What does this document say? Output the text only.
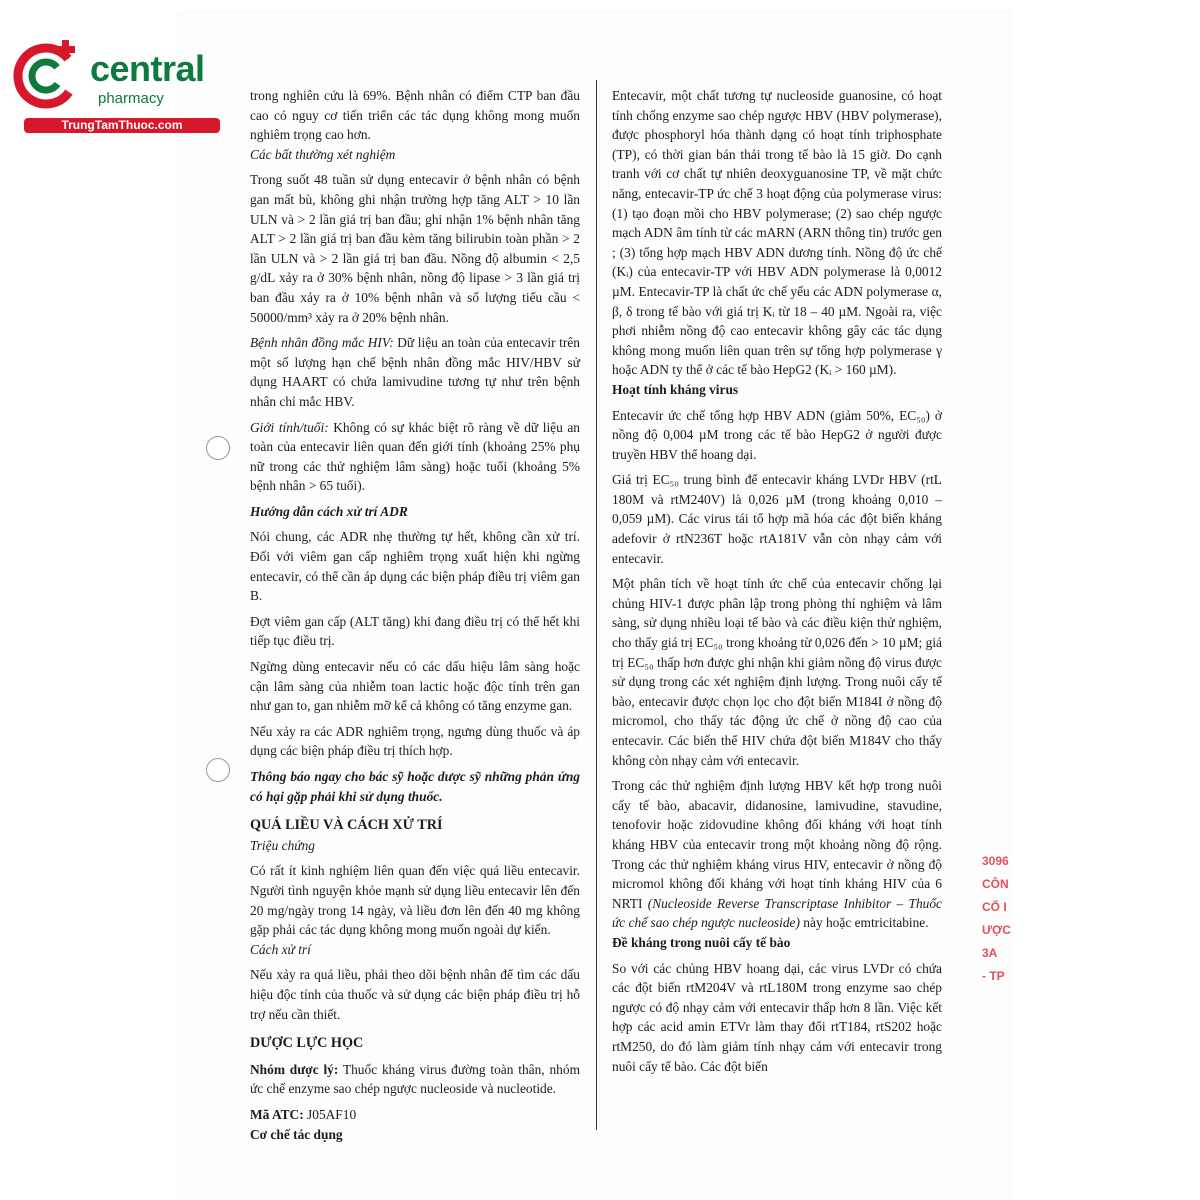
central
pharmacy
TrungTamThuoc.com

trong nghiên cứu là 69%. Bệnh nhân có điểm CTP ban đầu cao có nguy cơ tiến triển các tác dụng không mong muốn nghiêm trọng cao hơn.

Các bất thường xét nghiệm

Trong suốt 48 tuần sử dụng entecavir ở bệnh nhân có bệnh gan mất bù, không ghi nhận trường hợp tăng ALT > 10 lần ULN và > 2 lần giá trị ban đầu; ghi nhận 1% bệnh nhân tăng ALT > 2 lần giá trị ban đầu kèm tăng bilirubin toàn phần > 2 lần ULN và > 2 lần giá trị ban đầu. Nồng độ albumin < 2,5 g/dL xảy ra ở 30% bệnh nhân, nồng độ lipase > 3 lần giá trị ban đầu xảy ra ở 10% bệnh nhân và số lượng tiểu cầu < 50000/mm³ xảy ra ở 20% bệnh nhân.

Bệnh nhân đồng mắc HIV: Dữ liệu an toàn của entecavir trên một số lượng hạn chế bệnh nhân đồng mắc HIV/HBV sử dụng HAART có chứa lamivudine tương tự như trên bệnh nhân chỉ mắc HBV.

Giới tính/tuổi: Không có sự khác biệt rõ ràng về dữ liệu an toàn của entecavir liên quan đến giới tính (khoảng 25% phụ nữ trong các thử nghiệm lâm sàng) hoặc tuổi (khoảng 5% bệnh nhân > 65 tuổi).

Hướng dẫn cách xử trí ADR

Nói chung, các ADR nhẹ thường tự hết, không cần xử trí. Đối với viêm gan cấp nghiêm trọng xuất hiện khi ngừng entecavir, có thể cần áp dụng các biện pháp điều trị viêm gan B.

Đợt viêm gan cấp (ALT tăng) khi đang điều trị có thể hết khi tiếp tục điều trị.

Ngừng dùng entecavir nếu có các dấu hiệu lâm sàng hoặc cận lâm sàng của nhiễm toan lactic hoặc độc tính trên gan như gan to, gan nhiễm mỡ kể cả không có tăng enzyme gan.

Nếu xảy ra các ADR nghiêm trọng, ngưng dùng thuốc và áp dụng các biện pháp điều trị thích hợp.

Thông báo ngay cho bác sỹ hoặc dược sỹ những phản ứng có hại gặp phải khi sử dụng thuốc.

QUÁ LIỀU VÀ CÁCH XỬ TRÍ

Triệu chứng

Có rất ít kinh nghiệm liên quan đến việc quá liều entecavir. Người tình nguyện khỏe mạnh sử dụng liều entecavir lên đến 20 mg/ngày trong 14 ngày, và liều đơn lên đến 40 mg không gặp phải các tác dụng không mong muốn ngoài dự kiến.

Cách xử trí

Nếu xảy ra quá liều, phải theo dõi bệnh nhân để tìm các dấu hiệu độc tính của thuốc và sử dụng các biện pháp điều trị hỗ trợ nếu cần thiết.

DƯỢC LỰC HỌC

Nhóm dược lý: Thuốc kháng virus đường toàn thân, nhóm ức chế enzyme sao chép ngược nucleoside và nucleotide.

Mã ATC: J05AF10

Cơ chế tác dụng

Entecavir, một chất tương tự nucleoside guanosine, có hoạt tính chống enzyme sao chép ngược HBV (HBV polymerase), được phosphoryl hóa thành dạng có hoạt tính triphosphate (TP), có thời gian bán thải trong tế bào là 15 giờ. Do cạnh tranh với cơ chất tự nhiên deoxyguanosine TP, về mặt chức năng, entecavir-TP ức chế 3 hoạt động của polymerase virus: (1) tạo đoạn mồi cho HBV polymerase; (2) sao chép ngược mạch ADN âm tính từ các mARN (ARN thông tin) trước gen ; (3) tổng hợp mạch HBV ADN dương tính. Nồng độ ức chế (Kᵢ) của entecavir-TP với HBV ADN polymerase là 0,0012 µM. Entecavir-TP là chất ức chế yếu các ADN polymerase α, β, δ trong tế bào với giá trị Kᵢ từ 18 – 40 µM. Ngoài ra, việc phơi nhiễm nồng độ cao entecavir không gây các tác dụng không mong muốn liên quan trên sự tổng hợp polymerase γ hoặc ADN ty thể ở các tế bào HepG2 (Kᵢ > 160 µM).

Hoạt tính kháng virus

Entecavir ức chế tổng hợp HBV ADN (giảm 50%, EC₅₀) ở nồng độ 0,004 µM trong các tế bào HepG2 ở người được truyền HBV thể hoang dại.

Giá trị EC₅₀ trung bình để entecavir kháng LVDr HBV (rtL 180M và rtM240V) là 0,026 µM (trong khoảng 0,010 – 0,059 µM). Các virus tái tổ hợp mã hóa các đột biến kháng adefovir ở rtN236T hoặc rtA181V vẫn còn nhạy cảm với entecavir.

Một phân tích về hoạt tính ức chế của entecavir chống lại chủng HIV-1 được phân lập trong phòng thí nghiệm và lâm sàng, sử dụng nhiều loại tế bào và các điều kiện thử nghiệm, cho thấy giá trị EC₅₀ trong khoảng từ 0,026 đến > 10 µM; giá trị EC₅₀ thấp hơn được ghi nhận khi giảm nồng độ virus được sử dụng trong các xét nghiệm định lượng. Trong nuôi cấy tế bào, entecavir được chọn lọc cho đột biến M184I ở nồng độ micromol, cho thấy tác động ức chế ở nồng độ cao của entecavir. Các biến thể HIV chứa đột biến M184V cho thấy không còn nhạy cảm với entecavir.

Trong các thử nghiệm định lượng HBV kết hợp trong nuôi cấy tế bào, abacavir, didanosine, lamivudine, stavudine, tenofovir hoặc zidovudine không đối kháng với hoạt tính kháng HBV của entecavir trong một khoảng nồng độ rộng. Trong các thử nghiệm kháng virus HIV, entecavir ở nồng độ micromol không đối kháng với hoạt tính kháng HIV của 6 NRTI (Nucleoside Reverse Transcriptase Inhibitor – Thuốc ức chế sao chép ngược nucleoside) này hoặc emtricitabine.

Đề kháng trong nuôi cấy tế bào

So với các chủng HBV hoang dại, các virus LVDr có chứa các đột biến rtM204V và rtL180M trong enzyme sao chép ngược có độ nhạy cảm với entecavir thấp hơn 8 lần. Việc kết hợp các acid amin ETVr làm thay đổi rtT184, rtS202 hoặc rtM250, do đó làm giảm tính nhạy cảm với entecavir trong nuôi cấy tế bào. Các đột biến

3096
CÔN
CỔ I
ƯỢC
3A
- TP
